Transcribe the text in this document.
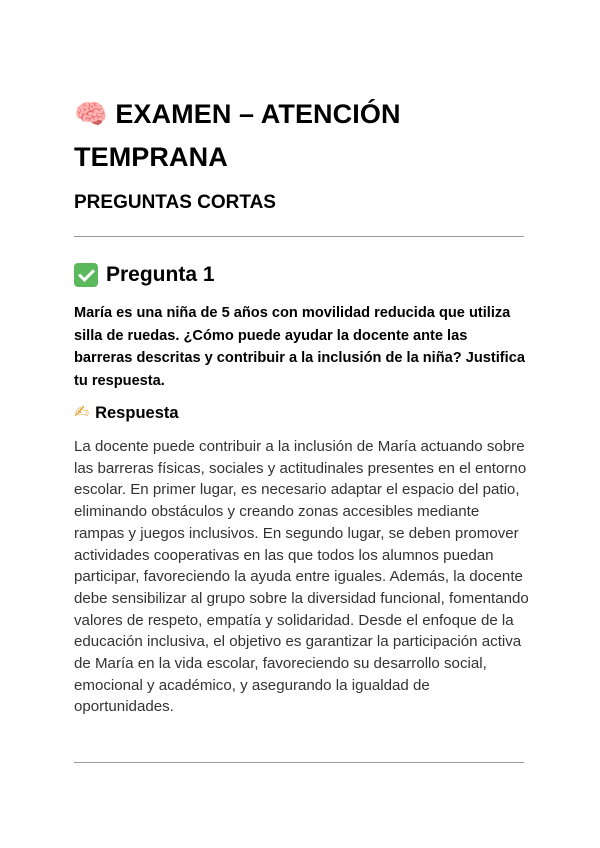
🧠 EXAMEN – ATENCIÓN TEMPRANA
PREGUNTAS CORTAS
Pregunta 1

María es una niña de 5 años con movilidad reducida que utiliza silla de ruedas. ¿Cómo puede ayudar la docente ante las barreras descritas y contribuir a la inclusión de la niña? Justifica tu respuesta.

✍ Respuesta

La docente puede contribuir a la inclusión de María actuando sobre las barreras físicas, sociales y actitudinales presentes en el entorno escolar. En primer lugar, es necesario adaptar el espacio del patio, eliminando obstáculos y creando zonas accesibles mediante rampas y juegos inclusivos. En segundo lugar, se deben promover actividades cooperativas en las que todos los alumnos puedan participar, favoreciendo la ayuda entre iguales. Además, la docente debe sensibilizar al grupo sobre la diversidad funcional, fomentando valores de respeto, empatía y solidaridad. Desde el enfoque de la educación inclusiva, el objetivo es garantizar la participación activa de María en la vida escolar, favoreciendo su desarrollo social, emocional y académico, y asegurando la igualdad de oportunidades.
